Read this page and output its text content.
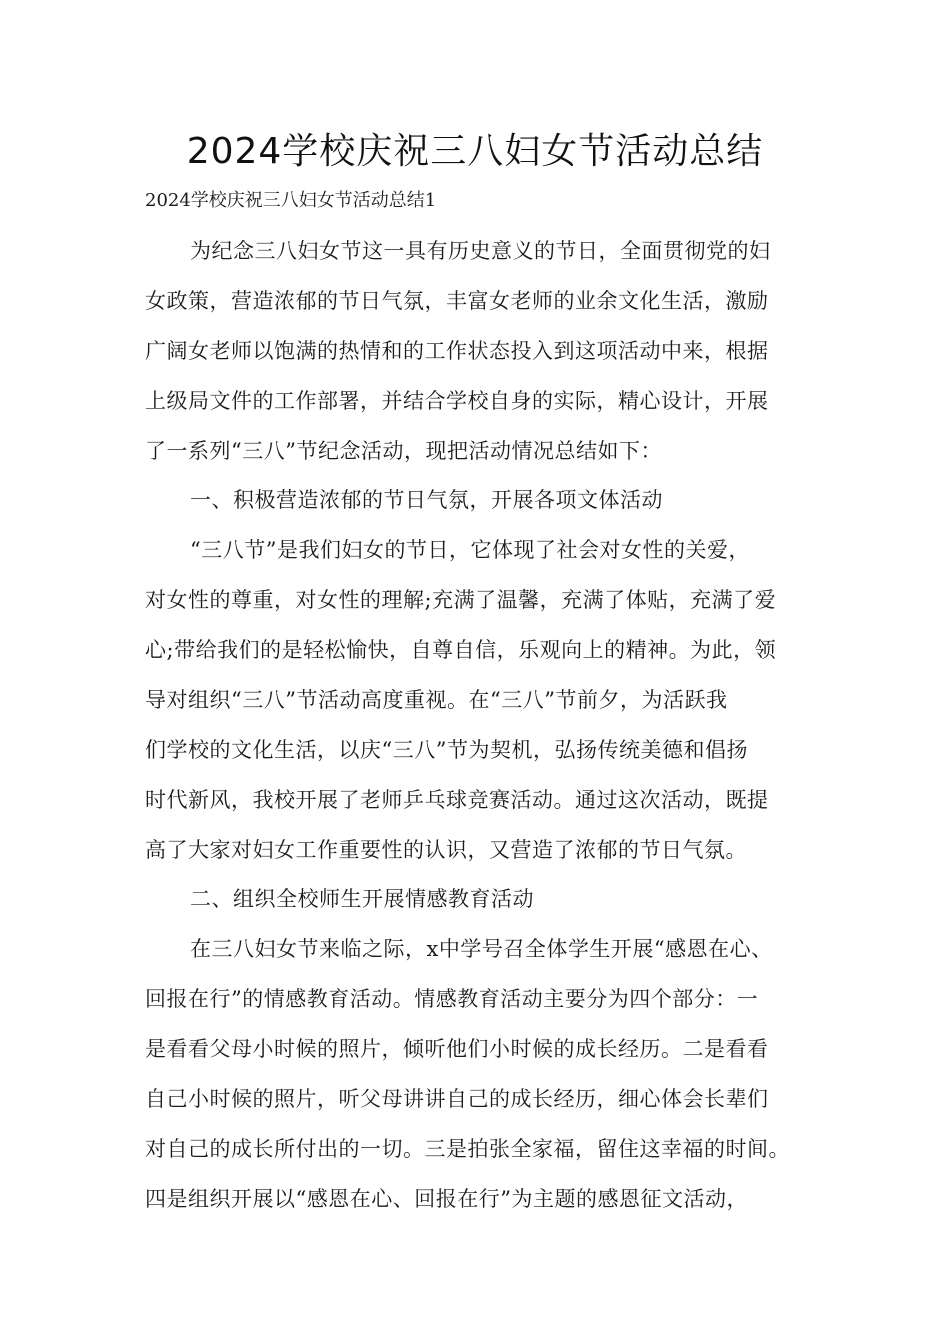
2024学校庆祝三八妇女节活动总结

2024学校庆祝三八妇女节活动总结1

为纪念三八妇女节这一具有历史意义的节日，全面贯彻党的妇

女政策，营造浓郁的节日气氛，丰富女老师的业余文化生活，激励

广阔女老师以饱满的热情和的工作状态投入到这项活动中来，根据

上级局文件的工作部署，并结合学校自身的实际，精心设计，开展

了一系列“三八”节纪念活动，现把活动情况总结如下：

一、积极营造浓郁的节日气氛，开展各项文体活动

“三八节”是我们妇女的节日，它体现了社会对女性的关爱，

对女性的尊重，对女性的理解;充满了温馨，充满了体贴，充满了爱

心;带给我们的是轻松愉快，自尊自信，乐观向上的精神。为此，领

导对组织“三八”节活动高度重视。在“三八”节前夕，为活跃我

们学校的文化生活，以庆“三八”节为契机，弘扬传统美德和倡扬

时代新风，我校开展了老师乒乓球竞赛活动。通过这次活动，既提

高了大家对妇女工作重要性的认识，又营造了浓郁的节日气氛。

二、组织全校师生开展情感教育活动

在三八妇女节来临之际，x中学号召全体学生开展“感恩在心、

回报在行”的情感教育活动。情感教育活动主要分为四个部分：一

是看看父母小时候的照片，倾听他们小时候的成长经历。二是看看

自己小时候的照片，听父母讲讲自己的成长经历，细心体会长辈们

对自己的成长所付出的一切。三是拍张全家福，留住这幸福的时间。

四是组织开展以“感恩在心、回报在行”为主题的感恩征文活动，
